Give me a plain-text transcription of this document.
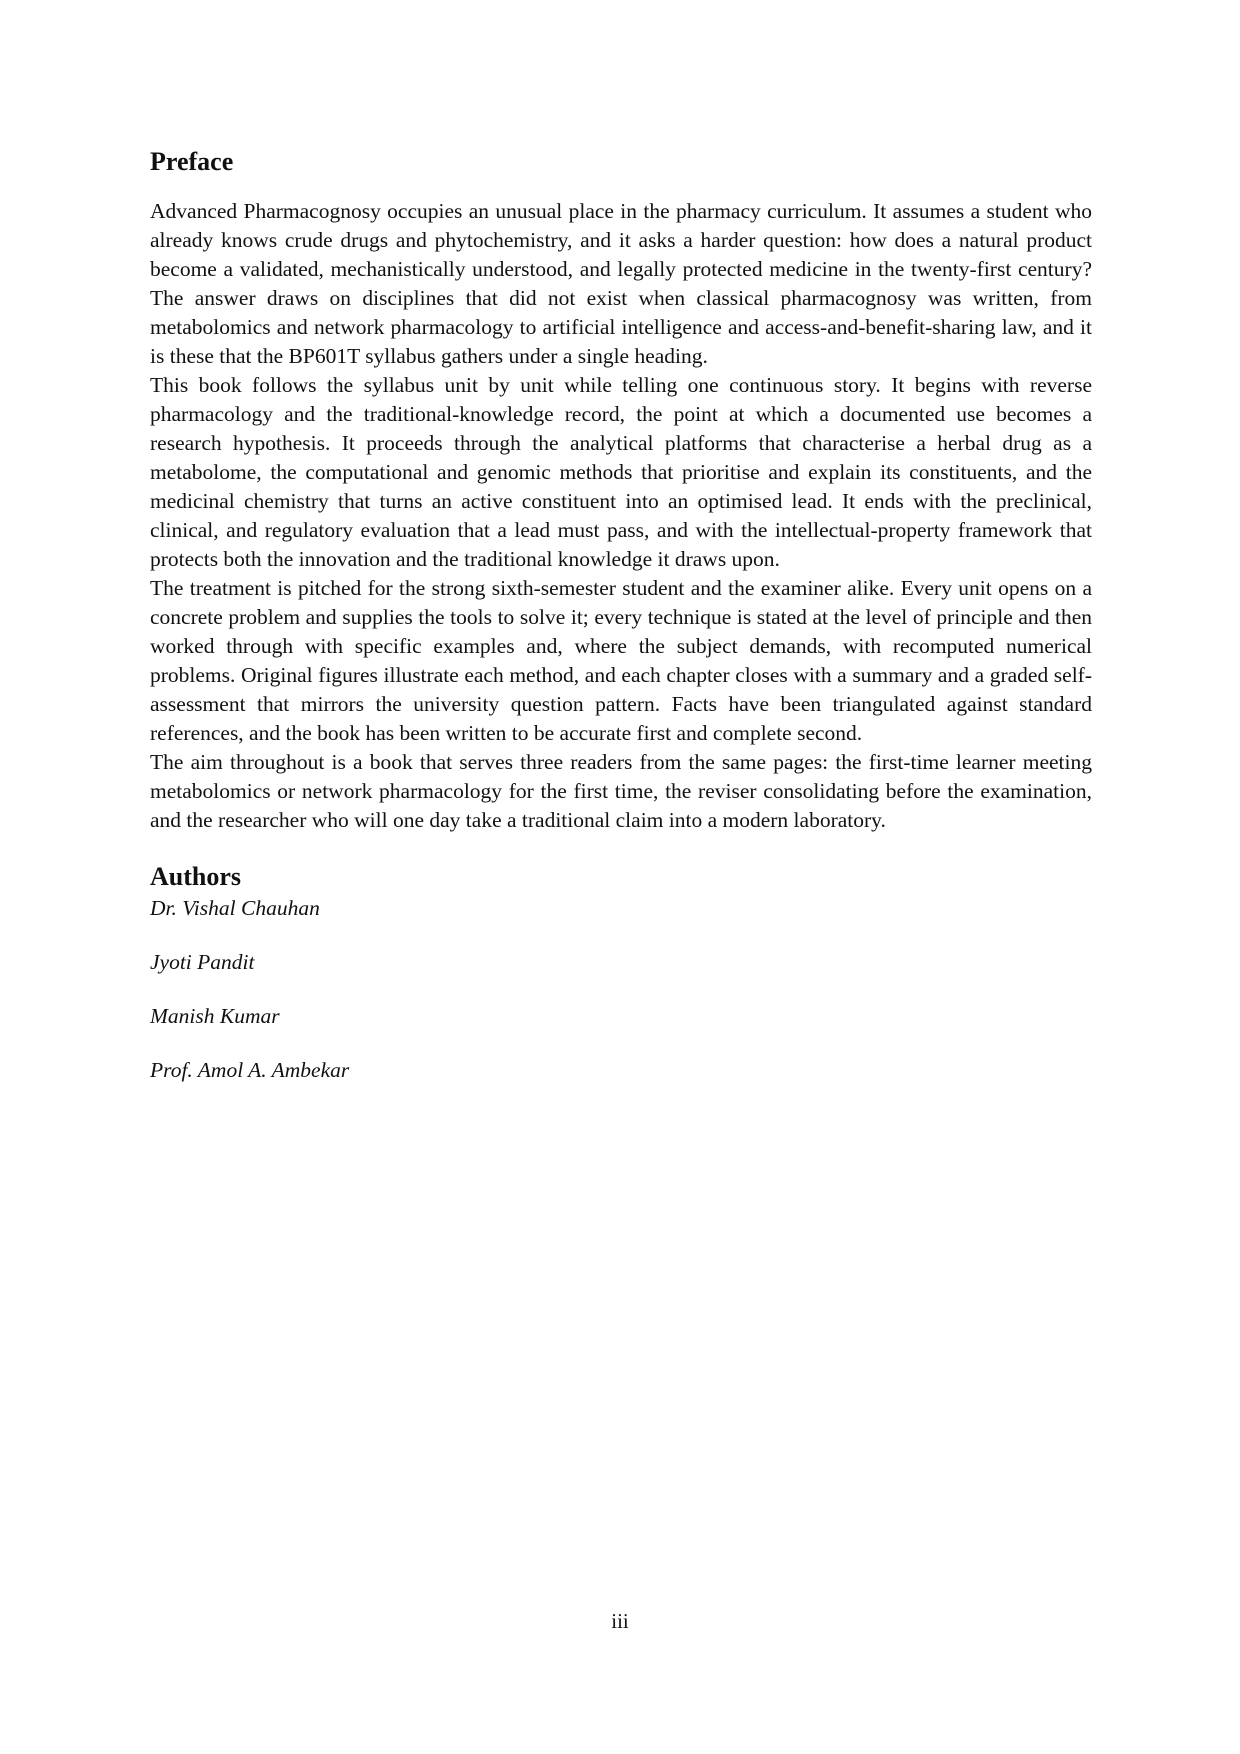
Preface

Advanced Pharmacognosy occupies an unusual place in the pharmacy curriculum. It assumes a student who already knows crude drugs and phytochemistry, and it asks a harder question: how does a natural product become a validated, mechanistically understood, and legally protected medicine in the twenty-first century? The answer draws on disciplines that did not exist when classical pharmacognosy was written, from metabolomics and network pharmacology to artificial intelligence and access-and-benefit-sharing law, and it is these that the BP601T syllabus gathers under a single heading.

This book follows the syllabus unit by unit while telling one continuous story. It begins with reverse pharmacology and the traditional-knowledge record, the point at which a documented use becomes a research hypothesis. It proceeds through the analytical platforms that characterise a herbal drug as a metabolome, the computational and genomic methods that prioritise and explain its constituents, and the medicinal chemistry that turns an active constituent into an optimised lead. It ends with the preclinical, clinical, and regulatory evaluation that a lead must pass, and with the intellectual-property framework that protects both the innovation and the traditional knowledge it draws upon.

The treatment is pitched for the strong sixth-semester student and the examiner alike. Every unit opens on a concrete problem and supplies the tools to solve it; every technique is stated at the level of principle and then worked through with specific examples and, where the subject demands, with recomputed numerical problems. Original figures illustrate each method, and each chapter closes with a summary and a graded self-assessment that mirrors the university question pattern. Facts have been triangulated against standard references, and the book has been written to be accurate first and complete second.

The aim throughout is a book that serves three readers from the same pages: the first-time learner meeting metabolomics or network pharmacology for the first time, the reviser consolidating before the examination, and the researcher who will one day take a traditional claim into a modern laboratory.

Authors

Dr. Vishal Chauhan

Jyoti Pandit

Manish Kumar

Prof. Amol A. Ambekar

iii
